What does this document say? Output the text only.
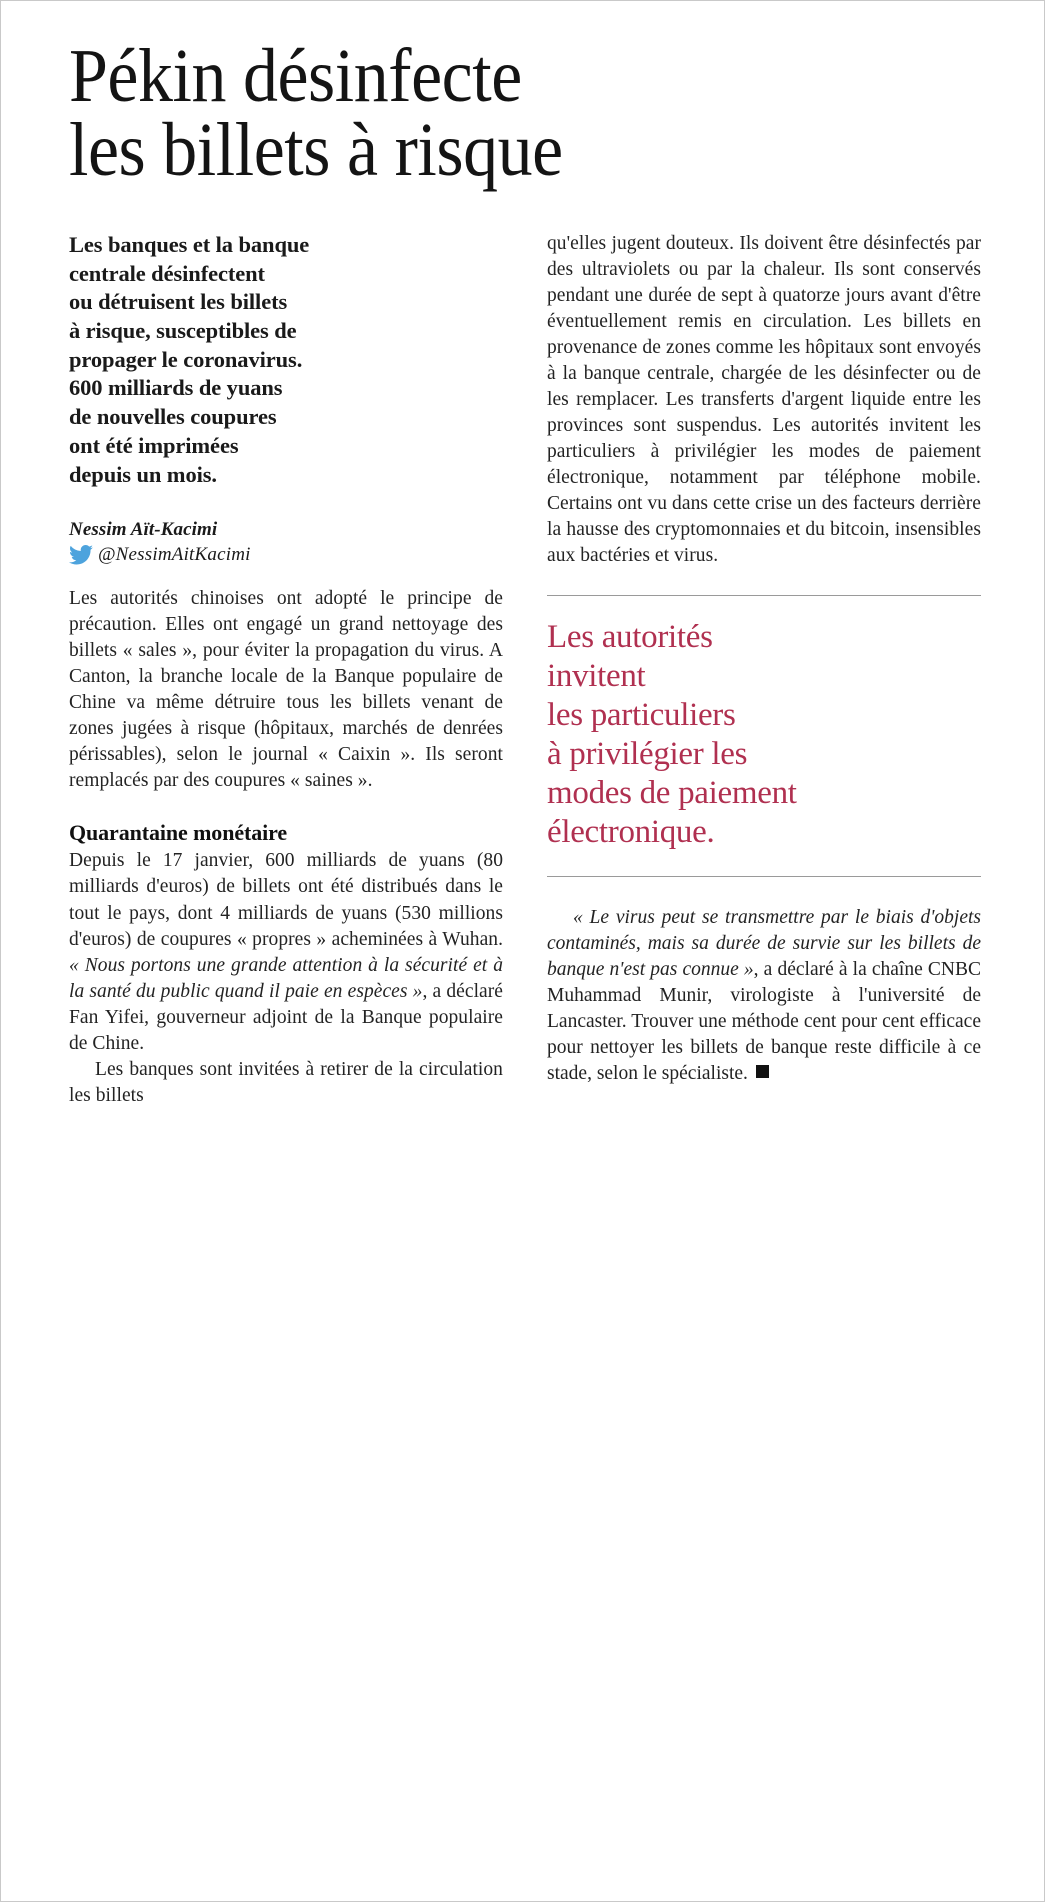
Pékin désinfecte
les billets à risque
Les banques et la banque
centrale désinfectent
ou détruisent les billets
à risque, susceptibles de
propager le coronavirus.
600 milliards de yuans
de nouvelles coupures
ont été imprimées
depuis un mois.
Nessim Aït-Kacimi
@NessimAitKacimi

Les autorités chinoises ont adopté le principe de précaution. Elles ont engagé un grand nettoyage des billets « sales », pour éviter la propagation du virus. A Canton, la branche locale de la Banque populaire de Chine va même détruire tous les billets venant de zones jugées à risque (hôpitaux, marchés de denrées périssables), selon le journal « Caixin ». Ils seront remplacés par des coupures « saines ».

Quarantaine monétaire

Depuis le 17 janvier, 600 milliards de yuans (80 milliards d'euros) de billets ont été distribués dans le tout le pays, dont 4 milliards de yuans (530 millions d'euros) de coupures « propres » acheminées à Wuhan. « Nous portons une grande attention à la sécurité et à la santé du public quand il paie en espèces », a déclaré Fan Yifei, gouverneur adjoint de la Banque populaire de Chine.

Les banques sont invitées à retirer de la circulation les billets

qu'elles jugent douteux. Ils doivent être désinfectés par des ultraviolets ou par la chaleur. Ils sont conservés pendant une durée de sept à quatorze jours avant d'être éventuellement remis en circulation. Les billets en provenance de zones comme les hôpitaux sont envoyés à la banque centrale, chargée de les désinfecter ou de les remplacer. Les transferts d'argent liquide entre les provinces sont suspendus. Les autorités invitent les particuliers à privilégier les modes de paiement électronique, notamment par téléphone mobile. Certains ont vu dans cette crise un des facteurs derrière la hausse des cryptomonnaies et du bitcoin, insensibles aux bactéries et virus.

Les autorités
invitent
les particuliers
à privilégier les
modes de paiement
électronique.

« Le virus peut se transmettre par le biais d'objets contaminés, mais sa durée de survie sur les billets de banque n'est pas connue », a déclaré à la chaîne CNBC Muhammad Munir, virologiste à l'université de Lancaster. Trouver une méthode cent pour cent efficace pour nettoyer les billets de banque reste difficile à ce stade, selon le spécialiste.
